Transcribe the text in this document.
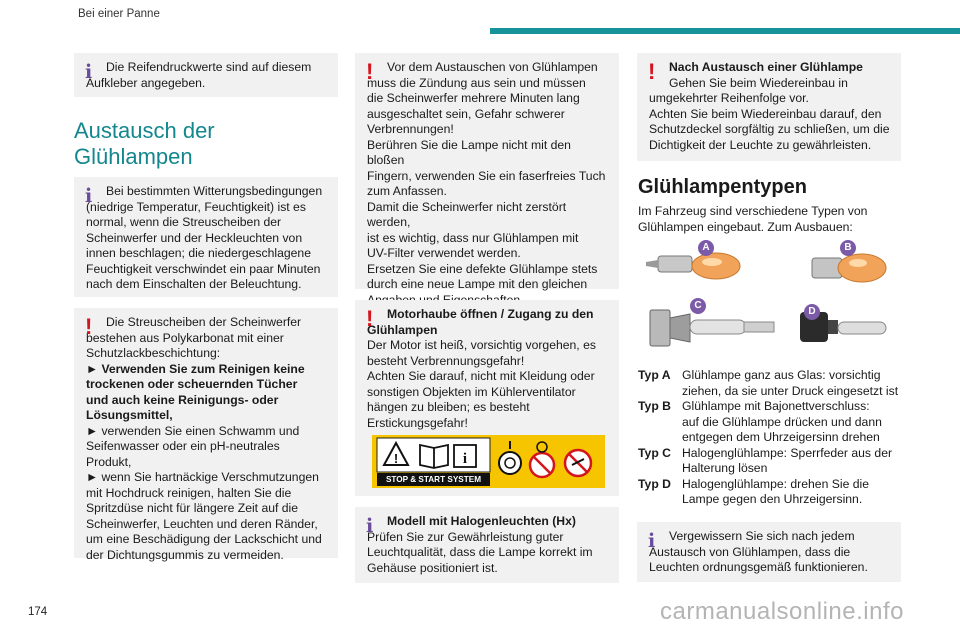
Bei einer Panne
174	carmanualsonline.info
i	Die Reifendruckwerte sind auf diesem
Aufkleber angegeben.

Austausch der
Glühlampen
i	Bei bestimmten Witterungsbedingungen
(niedrige Temperatur, Feuchtigkeit) ist es
normal, wenn die Streuscheiben der
Scheinwerfer und der Heckleuchten von
innen beschlagen; die niedergeschlagene
Feuchtigkeit verschwindet ein paar Minuten
nach dem Einschalten der Beleuchtung.

!	Die Streuscheiben der Scheinwerfer
bestehen aus Polykarbonat mit einer
Schutzlackbeschichtung:

► Verwenden Sie zum Reinigen keine
trockenen oder scheuernden Tücher
und auch keine Reinigungs- oder
Lösungsmittel,

► verwenden Sie einen Schwamm und
Seifenwasser oder ein pH-neutrales Produkt,
► wenn Sie hartnäckige Verschmutzungen
mit Hochdruck reinigen, halten Sie die
Spritzdüse nicht für längere Zeit auf die
Scheinwerfer, Leuchten und deren Ränder,
um eine Beschädigung der Lackschicht und
der Dichtungsgummis zu vermeiden.

!	Vor dem Austauschen von Glühlampen
muss die Zündung aus sein und müssen
die Scheinwerfer mehrere Minuten lang
ausgeschaltet sein, Gefahr schwerer
Verbrennungen!
Berühren Sie die Lampe nicht mit den bloßen
Fingern, verwenden Sie ein faserfreies Tuch
zum Anfassen.
Damit die Scheinwerfer nicht zerstört werden,
ist es wichtig, dass nur Glühlampen mit
UV-Filter verwendet werden.
Ersetzen Sie eine defekte Glühlampe stets
durch eine neue Lampe mit den gleichen

!	Motorhaube öffnen / Zugang zu den
Glühlampen

Der Motor ist heiß, vorsichtig vorgehen, es
besteht Verbrennungsgefahr!
Achten Sie darauf, nicht mit Kleidung oder
sonstigen Objekten im Kühlerventilator
hängen zu bleiben; es besteht
Erstickungsgefahr!

!	i
STOP & START SYSTEM
i	Modell mit Halogenleuchten (Hx)

Prüfen Sie zur Gewährleistung guter
Leuchtqualität, dass die Lampe korrekt im
Gehäuse positioniert ist.

!	Nach Austausch einer Glühlampe

Gehen Sie beim Wiedereinbau in
umgekehrter Reihenfolge vor.
Achten Sie beim Wiedereinbau darauf, den
Schutzdeckel sorgfältig zu schließen, um die
Dichtigkeit der Leuchte zu gewährleisten.

Glühlampentypen
Im Fahrzeug sind verschiedene Typen von
Glühlampen eingebaut. Zum Ausbauen:
A	B
C
D
Typ A Glühlampe ganz aus Glas: vorsichtig
ziehen, da sie unter Druck eingesetzt ist
Typ B Glühlampe mit Bajonettverschluss:
auf die Glühlampe drücken und dann
entgegen dem Uhrzeigersinn drehen
Typ C Halogenglühlampe: Sperrfeder aus der
Halterung lösen
Typ D Halogenglühlampe: drehen Sie die
Lampe gegen den Uhrzeigersinn.
i	Vergewissern Sie sich nach jedem
Austausch von Glühlampen, dass die
Leuchten ordnungsgemäß funktionieren.
